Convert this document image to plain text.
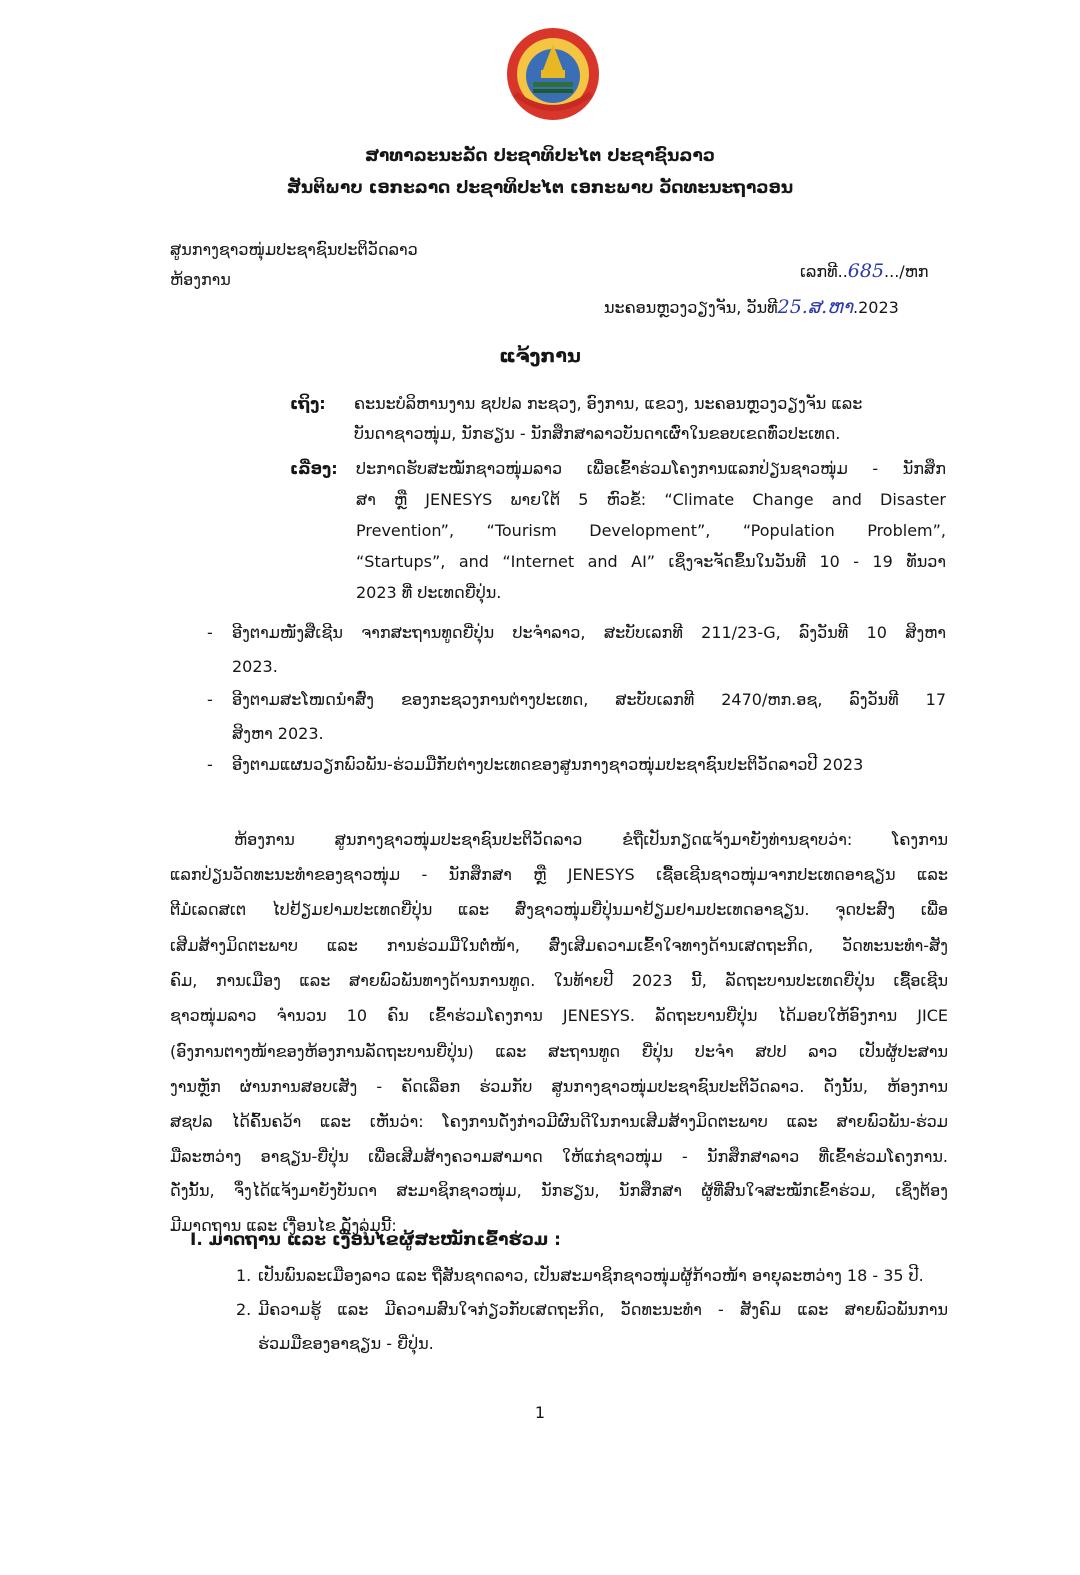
ສາທາລະນະລັດ ປະຊາທິປະໄຕ ປະຊາຊົນລາວ
ສັນຕິພາບ ເອກະລາດ ປະຊາທິປະໄຕ ເອກະພາບ ວັດທະນະຖາວອນ
ສູນກາງຊາວໜຸ່ມປະຊາຊົນປະຕິວັດລາວ
ຫ້ອງການ	ເລກທີ..685.../ຫກ
ນະຄອນຫຼວງວຽງຈັນ, ວັນທີ25.ສ.ຫາ.2023
ແຈ້ງການ
ເຖິງ: ຄະນະບໍລິຫານງານ ຊປປລ ກະຊວງ, ອົງການ, ແຂວງ, ນະຄອນຫຼວງວຽງຈັນ ແລະ
ບັນດາຊາວໜຸ່ມ, ນັກຮຽນ - ນັກສຶກສາລາວບັນດາເຜົ່າໃນຂອບເຂດທົ່ວປະເທດ.
ເລື່ອງ: ປະກາດຮັບສະໝັກຊາວໜຸ່ມລາວ ເພື່ອເຂົ້າຮ່ວມໂຄງການແລກປ່ຽນຊາວໜຸ່ມ - ນັກສຶກ
ສາ ຫຼື JENESYS ພາຍໃຕ້ 5 ຫົວຂໍ້: “Climate Change and Disaster
Prevention”, “Tourism Development”, “Population Problem”,
“Startups”, and “Internet and AI” ເຊິ່ງຈະຈັດຂຶ້ນໃນວັນທີ 10 - 19 ທັນວາ
2023 ທີ່ ປະເທດຍີ່ປຸ່ນ.
- ອີງຕາມໜັງສືເຊີນ ຈາກສະຖານທູດຍີ່ປຸ່ນ ປະຈຳລາວ, ສະບັບເລກທີ 211/23-G, ລົງວັນທີ 10 ສິງຫາ
2023.
- ອີງຕາມສະໂໜດນຳສົ່ງ ຂອງກະຊວງການຕ່າງປະເທດ, ສະບັບເລກທີ 2470/ຫກ.ອຊ, ລົງວັນທີ 17
ສິງຫາ 2023.
- ອີງຕາມແຜນວຽກພົວພັນ-ຮ່ວມມືກັບຕ່າງປະເທດຂອງສູນກາງຊາວໜຸ່ມປະຊາຊົນປະຕິວັດລາວປີ 2023
ຫ້ອງການ ສູນກາງຊາວໜຸ່ມປະຊາຊົນປະຕິວັດລາວ ຂໍຖືເປັນກຽດແຈ້ງມາຍັງທ່ານຊາບວ່າ: ໂຄງການ
ແລກປ່ຽນວັດທະນະທຳຂອງຊາວໜຸ່ມ - ນັກສຶກສາ ຫຼື JENESYS ເຊື້ອເຊີນຊາວໜຸ່ມຈາກປະເທດອາຊຽນ ແລະ
ຕີມໍເລດສເຕ ໄປຢ້ຽມຢາມປະເທດຍີ່ປຸ່ນ ແລະ ສົ່ງຊາວໜຸ່ມຍີ່ປຸ່ນມາຢ້ຽມຢາມປະເທດອາຊຽນ. ຈຸດປະສົງ ເພື່ອ
ເສີມສ້າງມິດຕະພາບ ແລະ ການຮ່ວມມືໃນຕໍ່ໜ້າ, ສົ່ງເສີມຄວາມເຂົ້າໃຈທາງດ້ານເສດຖະກິດ, ວັດທະນະທຳ-ສັງ
ຄົມ, ການເມືອງ ແລະ ສາຍພົວພັນທາງດ້ານການທູດ. ໃນທ້າຍປີ 2023 ນີ້, ລັດຖະບານປະເທດຍີ່ປຸ່ນ ເຊື້ອເຊີນ
ຊາວໜຸ່ມລາວ ຈຳນວນ 10 ຄົນ ເຂົ້າຮ່ວມໂຄງການ JENESYS. ລັດຖະບານຍີ່ປຸ່ນ ໄດ້ມອບໃຫ້ອົງການ JICE
(ອົງການຕາງໜ້າຂອງຫ້ອງການລັດຖະບານຍີ່ປຸ່ນ) ແລະ ສະຖານທູດ ຍີ່ປຸ່ນ ປະຈຳ ສປປ ລາວ ເປັນຜູ້ປະສານ
ງານຫຼັກ ຜ່ານການສອບເສັງ - ຄັດເລືອກ ຮ່ວມກັບ ສູນກາງຊາວໜຸ່ມປະຊາຊົນປະຕິວັດລາວ. ດັ່ງນັ້ນ, ຫ້ອງການ
ສຊປລ ໄດ້ຄົ້ນຄວ້າ ແລະ ເຫັນວ່າ: ໂຄງການດັ່ງກ່າວມີຜົນດີໃນການເສີມສ້າງມິດຕະພາບ ແລະ ສາຍພົວພັນ-ຮ່ວມ
ມືລະຫວ່າງ ອາຊຽນ-ຍີ່ປຸ່ນ ເພື່ອເສີມສ້າງຄວາມສາມາດ ໃຫ້ແກ່ຊາວໜຸ່ມ - ນັກສຶກສາລາວ ທີ່ເຂົ້າຮ່ວມໂຄງການ.
ດັ່ງນັ້ນ, ຈຶ່ງໄດ້ແຈ້ງມາຍັງບັນດາ ສະມາຊິກຊາວໜຸ່ມ, ນັກຮຽນ, ນັກສຶກສາ ຜູ້ທີ່ສົນໃຈສະໝັກເຂົ້າຮ່ວມ, ເຊິ່ງຕ້ອງ
ມີມາດຖານ ແລະ ເງື່ອນໄຂ ດັ່ງລຸ່ມນີ້:
I. ມາດຖານ ແລະ ເງື່ອນໄຂຜູ້ສະໝັກເຂົ້າຮ່ວມ :
1. ເປັນພົນລະເມືອງລາວ ແລະ ຖືສັນຊາດລາວ, ເປັນສະມາຊິກຊາວໜຸ່ມຜູ້ກ້າວໜ້າ ອາຍຸລະຫວ່າງ 18 - 35 ປີ.
2. ມີຄວາມຮູ້ ແລະ ມີຄວາມສົນໃຈກ່ຽວກັບເສດຖະກິດ, ວັດທະນະທຳ - ສັງຄົມ ແລະ ສາຍພົວພັນການ
ຮ່ວມມືຂອງອາຊຽນ - ຍີ່ປຸ່ນ.
1
